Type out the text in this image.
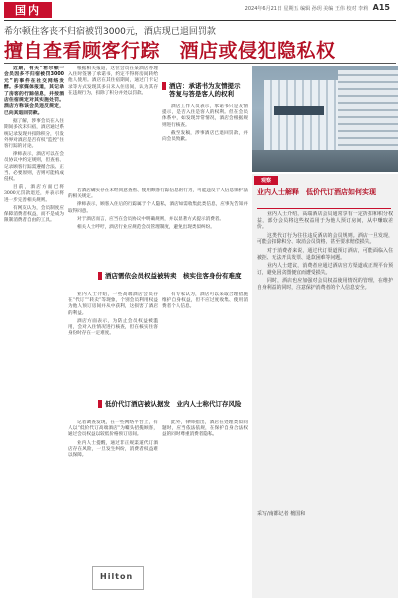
国内	2024年6月21日 星期五 编辑 孙玥 美编 王伟 校对 李莉 A15
希尔顿住客丧不归宿被罚3000元，酒店现已退回罚款
擅自查看顾客行踪　酒店或侵犯隐私权

近期，有关“希尔顿一会员因多不归宿被罚3000元”的事件在社交网络发酵。多家媒体报道，其记录了房客的行踪信息，并按酒店住宿规定对其实施处罚。酒店方称该会员违反规定，已向其退回罚款。

据了解，涉事会员在入住期间多次未归宿，酒店通过系统记录发现并扣除积分，引发外界对酒店是否有权“监控”住客行踪的讨论。

律师表示，酒店可以在会员协议中约定规则，但查看、记录顾客行踪需遵循合法、正当、必要原则，否则可能构成侵权。

目前，酒店方面已将3000元罚款退还，并表示将进一步完善相关规则。

有网友认为，会员制度应保障消费者权益，而不是成为限制消费者自由的工具。

根据相关报道，这位会员在某酒店办理入住时签署了承诺书，约定不得将房间转给他人使用。酒店在其住宿期间，通过门卡记录等方式发现其多日未入住房间，认为其存在违规行为，扣除了积分并处以罚款。

酒店：承诺书为友情提示　答复与答是客人的权利

酒店工作人员表示，承诺书只是友情提示，是否入住是客人的权利。但在会员体系中，如发现异常情况，酒店会根据规则进行核查。

截至发稿，涉事酒店已退回罚款，并向会员致歉。

若酒店确实存在未经同意查看、使用顾客行踪信息的行为，可能违反个人信息保护法的相关规定。

律师表示，顾客入住后的行踪属于个人隐私，酒店如需收集此类信息，应事先告知并取得同意。

对于酒店而言，应当在会员协议中明确规则，并以显著方式提示消费者。

相关人士呼吁，酒店行业应规范会员管理制度，避免出现类似纠纷。

酒店需依会员权益被转卖　核实住客身份有难度

业内人士介绍，一些高端酒店会员存在“代订”“转卖”等现象，个别会员利用权益为他人预订房间并从中获利，这损害了酒店的利益。

酒店方面表示，为防止会员权益被滥用，会对入住情况进行核查，但在核实住客身份时存在一定难度。

有专家认为，酒店可以采取合理措施维护自身权益，但不应过度收集、使用消费者个人信息。

低价代订酒店被认据发　业内人士称代订存风险

记者调查发现，在一些网络平台上，有人以“低价代订高端酒店”为噱头招揽顾客，通过会员权益以较低价格预订房间。

业内人士提醒，通过非正规渠道代订酒店存在风险，一旦发生纠纷，消费者权益难以保障。

此外，律师指出，酒店在处理类似问题时，应当依法依规，在保护自身合法权益的同时尊重消费者隐私。

观察
业内人士解释　低价代订酒店如何实现

业内人士介绍，高端酒店会员通常享有一定折扣和积分权益，部分会员将这些权益用于为他人预订房间，从中赚取差价。

这类代订行为往往违反酒店的会员规则。酒店一旦发现，可能会扣除积分、取消会员资格，甚至要求赔偿损失。

对于消费者来说，通过代订渠道预订酒店，可能面临入住被拒、无法开具发票、退款困难等问题。

业内人士建议，消费者应通过酒店官方渠道或正规平台预订，避免因贪图便宜而遭受损失。

同时，酒店也应加强对会员权益使用情况的管理，在维护自身利益的同时，注意保护消费者的个人信息安全。

采写/南都记者 檀国和
Hilton
